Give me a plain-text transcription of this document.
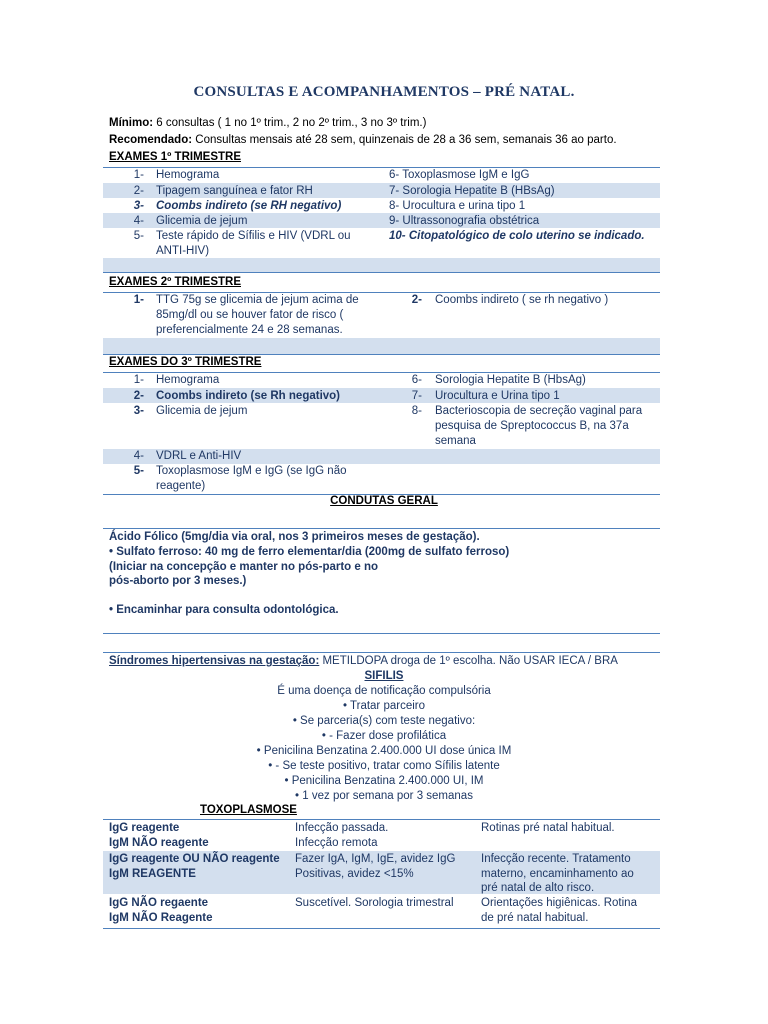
CONSULTAS E ACOMPANHAMENTOS – PRÉ NATAL.
Mínimo: 6 consultas ( 1 no 1º trim., 2 no 2º trim., 3 no 3º trim.)
Recomendado: Consultas mensais até 28 sem, quinzenais de 28 a 36 sem, semanais 36 ao parto.
EXAMES 1º TRIMESTRE
1- Hemograma
2- Tipagem sanguínea e fator RH
3- Coombs indireto (se RH negativo)
4- Glicemia de jejum
5- Teste rápido de Sífilis e HIV (VDRL ou
ANTI-HIV)
6- Toxoplasmose IgM e IgG
7- Sorologia Hepatite B (HBsAg)
8- Urocultura e urina tipo 1
9- Ultrassonografia obstétrica
10- Citopatológico de colo uterino se indicado.
EXAMES 2º TRIMESTRE
1- TTG 75g se glicemia de jejum acima de
85mg/dl ou se houver fator de risco (
preferencialmente 24 e 28 semanas.
2- Coombs indireto ( se rh negativo )
EXAMES DO 3º TRIMESTRE
1- Hemograma
2- Coombs indireto (se Rh negativo)
3- Glicemia de jejum
4- VDRL e Anti-HIV
5- Toxoplasmose IgM e IgG (se IgG não
reagente)
6- Sorologia Hepatite B (HbsAg)
7- Urocultura e Urina tipo 1
8- Bacterioscopia de secreção vaginal para
pesquisa de Spreptococcus B, na 37a
semana
CONDUTAS GERAL
Ácido Fólico (5mg/dia via oral, nos 3 primeiros meses de gestação).
• Sulfato ferroso: 40 mg de ferro elementar/dia (200mg de sulfato ferroso)
(Iniciar na concepção e manter no pós-parto e no
pós-aborto por 3 meses.)
• Encaminhar para consulta odontológica.
Síndromes hipertensivas na gestação: METILDOPA droga de 1º escolha. Não USAR IECA / BRA
SIFILIS
É uma doença de notificação compulsória
• Tratar parceiro
• Se parceria(s) com teste negativo:
• - Fazer dose profilática
• Penicilina Benzatina 2.400.000 UI dose única IM
• - Se teste positivo, tratar como Sífilis latente
• Penicilina Benzatina 2.400.000 UI, IM
• 1 vez por semana por 3 semanas
TOXOPLASMOSE
IgG reagente
IgM NÃO reagente
Infecção passada.
Infecção remota
Rotinas pré natal habitual.
IgG reagente OU NÃO reagente
IgM REAGENTE
Fazer IgA, IgM, IgE, avidez IgG
Positivas, avidez <15%
Infecção recente. Tratamento
materno, encaminhamento ao
pré natal de alto risco.
IgG NÃO regaente
IgM NÃO Reagente
Suscetível. Sorologia trimestral Orientações higiênicas. Rotina
de pré natal habitual.
